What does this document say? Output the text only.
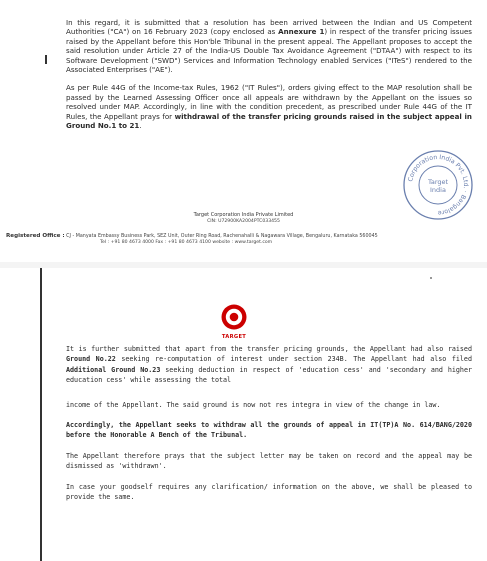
In this regard, it is submitted that a resolution has been arrived between the Indian and US Competent Authorities ("CA") on 16 February 2023 (copy enclosed as Annexure 1) in respect of the transfer pricing issues raised by the Appellant before this Hon'ble Tribunal in the present appeal. The Appellant proposes to accept the said resolution under Article 27 of the India-US Double Tax Avoidance Agreement ("DTAA") with respect to its Software Development ("SWD") Services and Information Technology enabled Services ("ITeS") rendered to the Associated Enterprises ("AE").

As per Rule 44G of the Income-tax Rules, 1962 ("IT Rules"), orders giving effect to the MAP resolution shall be passed by the Learned Assessing Officer once all appeals are withdrawn by the Appellant on the issues so resolved under MAP. Accordingly, in line with the condition precedent, as prescribed under Rule 44G of the IT Rules, the Appellant prays for withdrawal of the transfer pricing grounds raised in the subject appeal in Ground No.1 to 21.

Corporation India Pvt. Ltd. · Bangalore
Target
India
Target Corporation India Private Limited
CIN: U72900KA2004PTC033455
Registered Office : CJ - Manyata Embassy Business Park, SEZ Unit, Outer Ring Road, Rachenahalli & Nagawara Village, Bengaluru, Karnataka 560045
Tel : +91 80 4673 4000 Fax : +91 80 4673 4100 website : www.target.com
TARGET

It is further submitted that apart from the transfer pricing grounds, the Appellant had also raised Ground No.22 seeking re-computation of interest under section 234B. The Appellant had also filed Additional Ground No.23 seeking deduction in respect of 'education cess' and 'secondary and higher education cess' while assessing the total

income of the Appellant. The said ground is now not res integra in view of the change in law.

Accordingly, the Appellant seeks to withdraw all the grounds of appeal in IT(TP)A No. 614/BANG/2020 before the Honorable A Bench of the Tribunal.

The Appellant therefore prays that the subject letter may be taken on record and the appeal may be dismissed as 'withdrawn'.

In case your goodself requires any clarification/ information on the above, we shall be pleased to provide the same.
